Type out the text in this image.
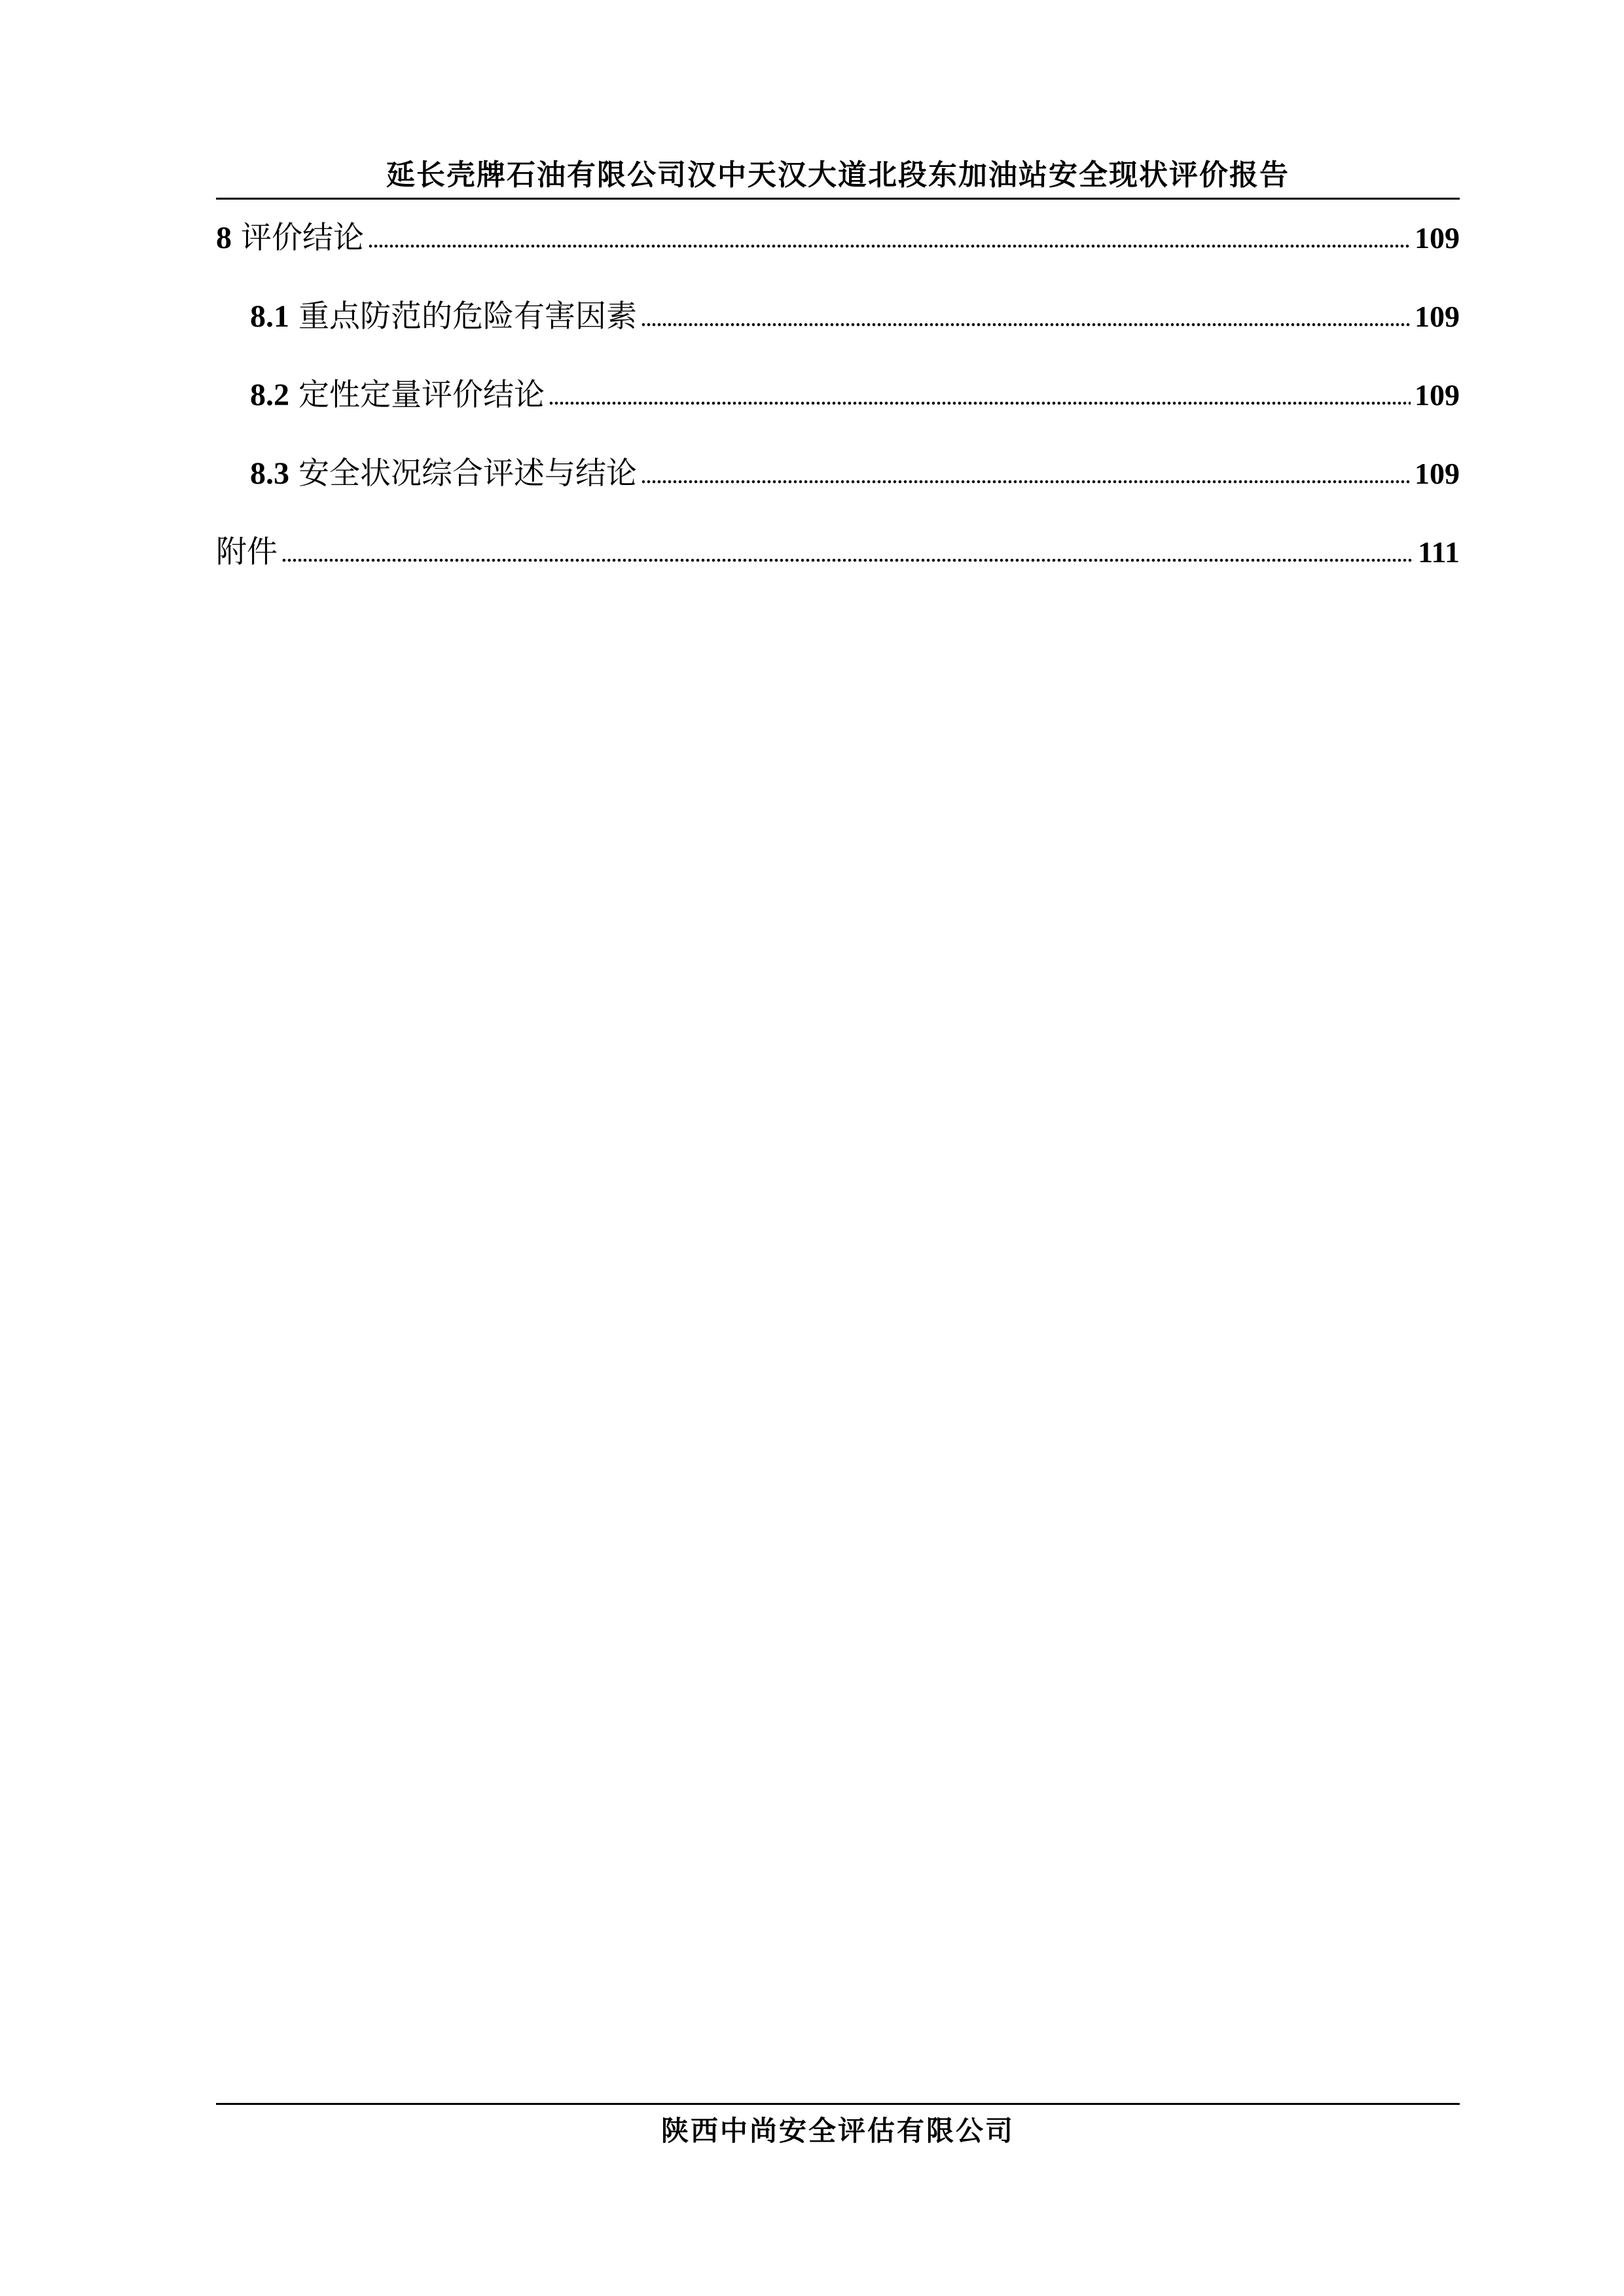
延长壳牌石油有限公司汉中天汉大道北段东加油站安全现状评价报告
8 评价结论	109
8.1 重点防范的危险有害因素	109
8.2 定性定量评价结论	109
8.3 安全状况综合评述与结论	109
附件	111
陕西中尚安全评估有限公司
